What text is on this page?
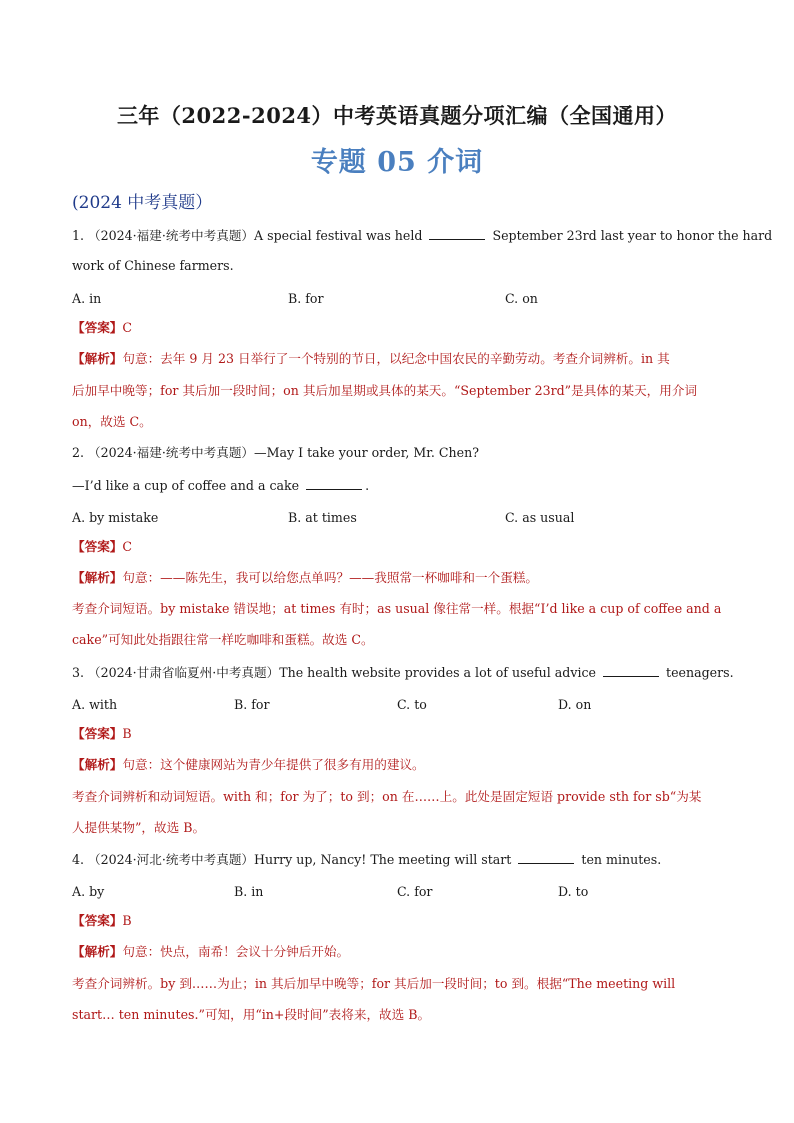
三年（2022-2024）中考英语真题分项汇编（全国通用）
专题 05 介词
(2024 中考真题）
1. （2024·福建·统考中考真题）A special festival was held	September 23rd last year to honor the hard
work of Chinese farmers.
A. in	B. for	C. on
【答案】C
【解析】句意：去年 9 月 23 日举行了一个特别的节日，以纪念中国农民的辛勤劳动。考查介词辨析。in 其
后加早中晚等；for 其后加一段时间；on 其后加星期或具体的某天。“September 23rd”是具体的某天，用介词
on，故选 C。
2. （2024·福建·统考中考真题）—May I take your order, Mr. Chen?
—I’d like a cup of coffee and a cake	.
A. by mistake	B. at times	C. as usual
【答案】C
【解析】句意：——陈先生，我可以给您点单吗？——我照常一杯咖啡和一个蛋糕。
考查介词短语。by mistake 错误地；at times 有时；as usual 像往常一样。根据“I’d like a cup of coffee and a
cake”可知此处指跟往常一样吃咖啡和蛋糕。故选 C。
3. （2024·甘肃省临夏州·中考真题）The health website provides a lot of useful advice	teenagers.
A. with	B. for	C. to	D. on
【答案】B
【解析】句意：这个健康网站为青少年提供了很多有用的建议。
考查介词辨析和动词短语。with 和；for 为了；to 到；on 在……上。此处是固定短语 provide sth for sb“为某
人提供某物”，故选 B。
4. （2024·河北·统考中考真题）Hurry up, Nancy! The meeting will start	ten minutes.
A. by	B. in	C. for	D. to
【答案】B
【解析】句意：快点，南希！会议十分钟后开始。
考查介词辨析。by 到……为止；in 其后加早中晚等；for 其后加一段时间；to 到。根据“The meeting will
start… ten minutes.”可知，用“in+段时间”表将来，故选 B。
